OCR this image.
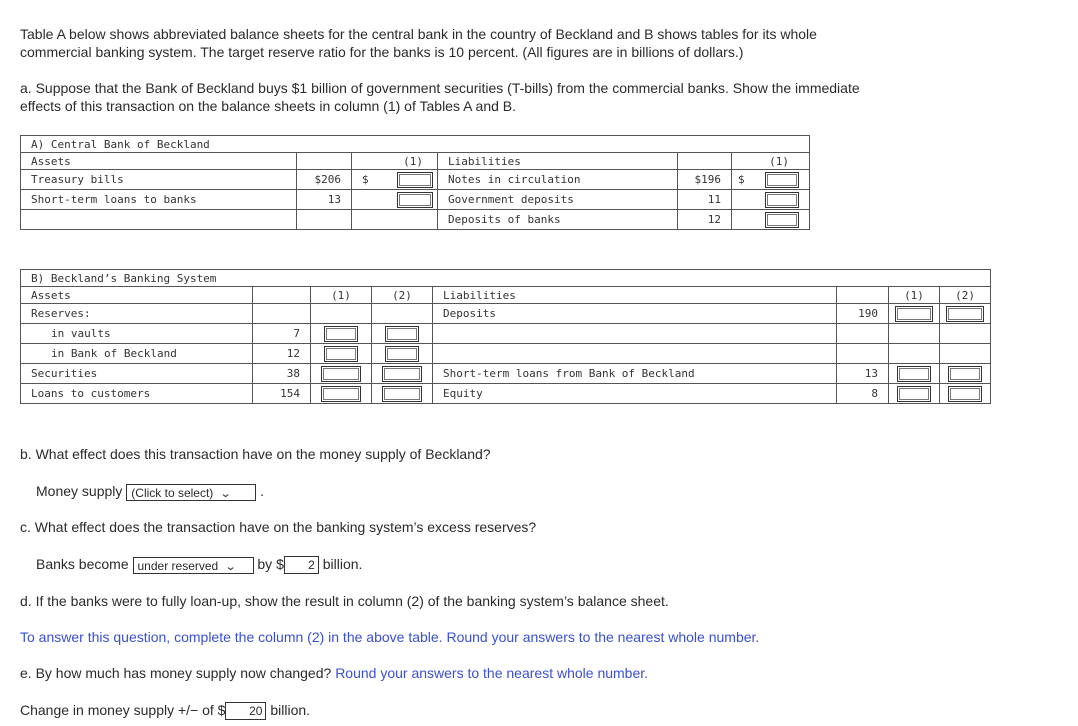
Table A below shows abbreviated balance sheets for the central bank in the country of Beckland and B shows tables for its whole

commercial banking system. The target reserve ratio for the banks is 10 percent. (All figures are in billions of dollars.)

a. Suppose that the Bank of Beckland buys $1 billion of government securities (T-bills) from the commercial banks. Show the immediate

effects of this transaction on the balance sheets in column (1) of Tables A and B.

A) Central Bank of Beckland					
Assets		(1)	Liabilities		(1)
Treasury bills	$206	$	Notes in circulation	$196	$

Short-term loans to banks	13		Government deposits	11	

			Deposits of banks	12	
B) Beckland’s Banking System							
Assets		(1)	(2)	Liabilities		(1)	(2)
Reserves:				Deposits	190		
in vaults	7						
in Bank of Beckland	12						
Securities	38			Short-term loans from Bank of Beckland	13		
Loans to customers	154			Equity	8		

b. What effect does this transaction have on the money supply of Beckland?

Money supply (Click to select) ⌄ .

c. What effect does the transaction have on the banking system’s excess reserves?

Banks become under reserved ⌄ by $ 2 billion.

d. If the banks were to fully loan-up, show the result in column (2) of the banking system’s balance sheet.

To answer this question, complete the column (2) in the above table. Round your answers to the nearest whole number.

e. By how much has money supply now changed? Round your answers to the nearest whole number.

Change in money supply +/− of $ 20 billion.
